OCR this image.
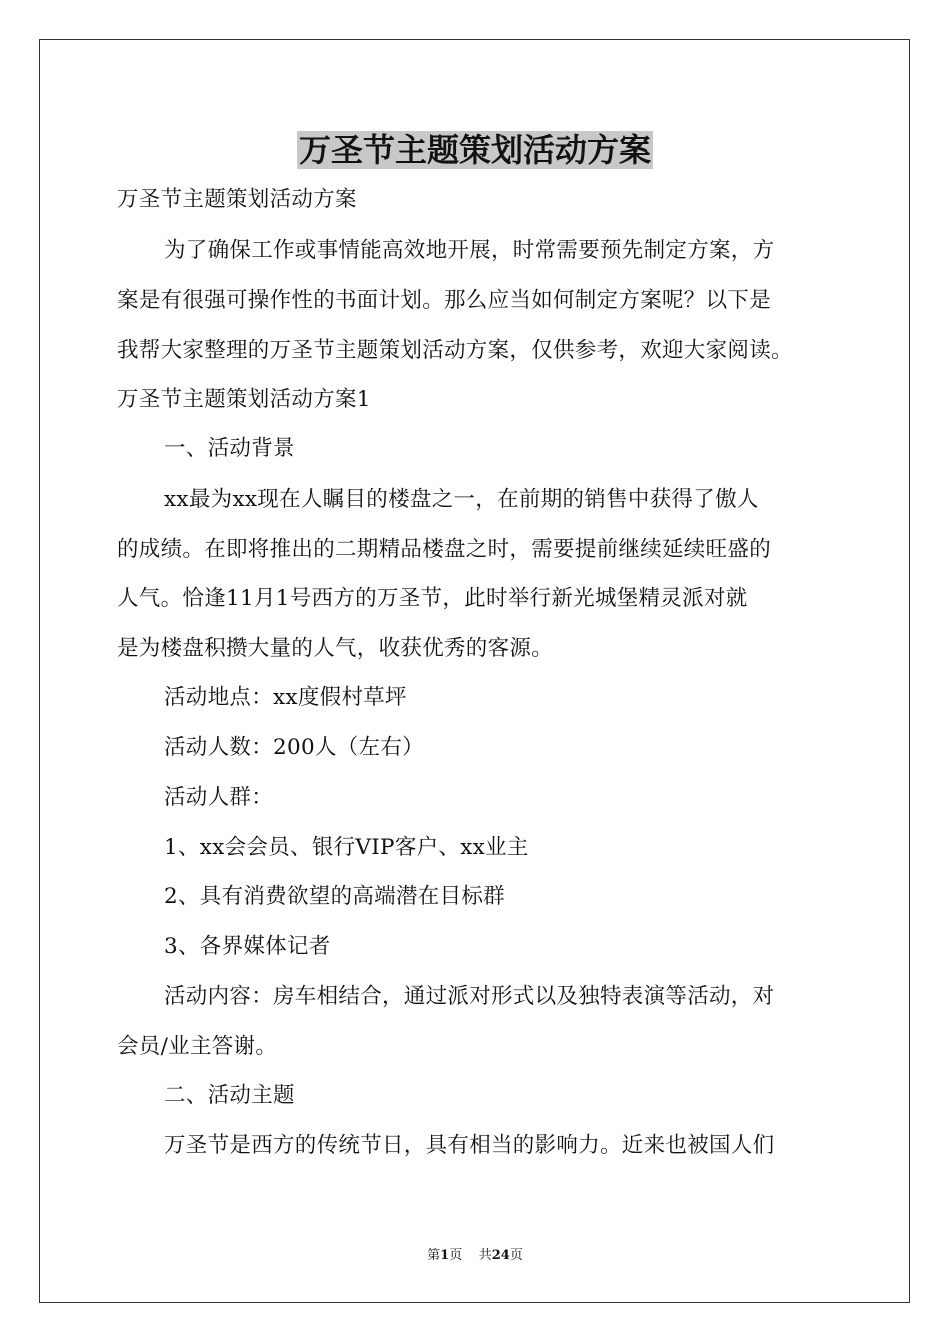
万圣节主题策划活动方案
万圣节主题策划活动方案
为了确保工作或事情能高效地开展，时常需要预先制定方案，方
案是有很强可操作性的书面计划。那么应当如何制定方案呢？以下是
我帮大家整理的万圣节主题策划活动方案，仅供参考，欢迎大家阅读。
万圣节主题策划活动方案1
一、活动背景
xx最为xx现在人瞩目的楼盘之一，在前期的销售中获得了傲人
的成绩。在即将推出的二期精品楼盘之时，需要提前继续延续旺盛的
人气。恰逢11月1号西方的万圣节，此时举行新光城堡精灵派对就
是为楼盘积攒大量的人气，收获优秀的客源。
活动地点：xx度假村草坪
活动人数：200人（左右）
活动人群：
1、xx会会员、银行VIP客户、xx业主
2、具有消费欲望的高端潜在目标群
3、各界媒体记者
活动内容：房车相结合，通过派对形式以及独特表演等活动，对
会员/业主答谢。
二、活动主题
万圣节是西方的传统节日，具有相当的影响力。近来也被国人们
第1页 共24页
